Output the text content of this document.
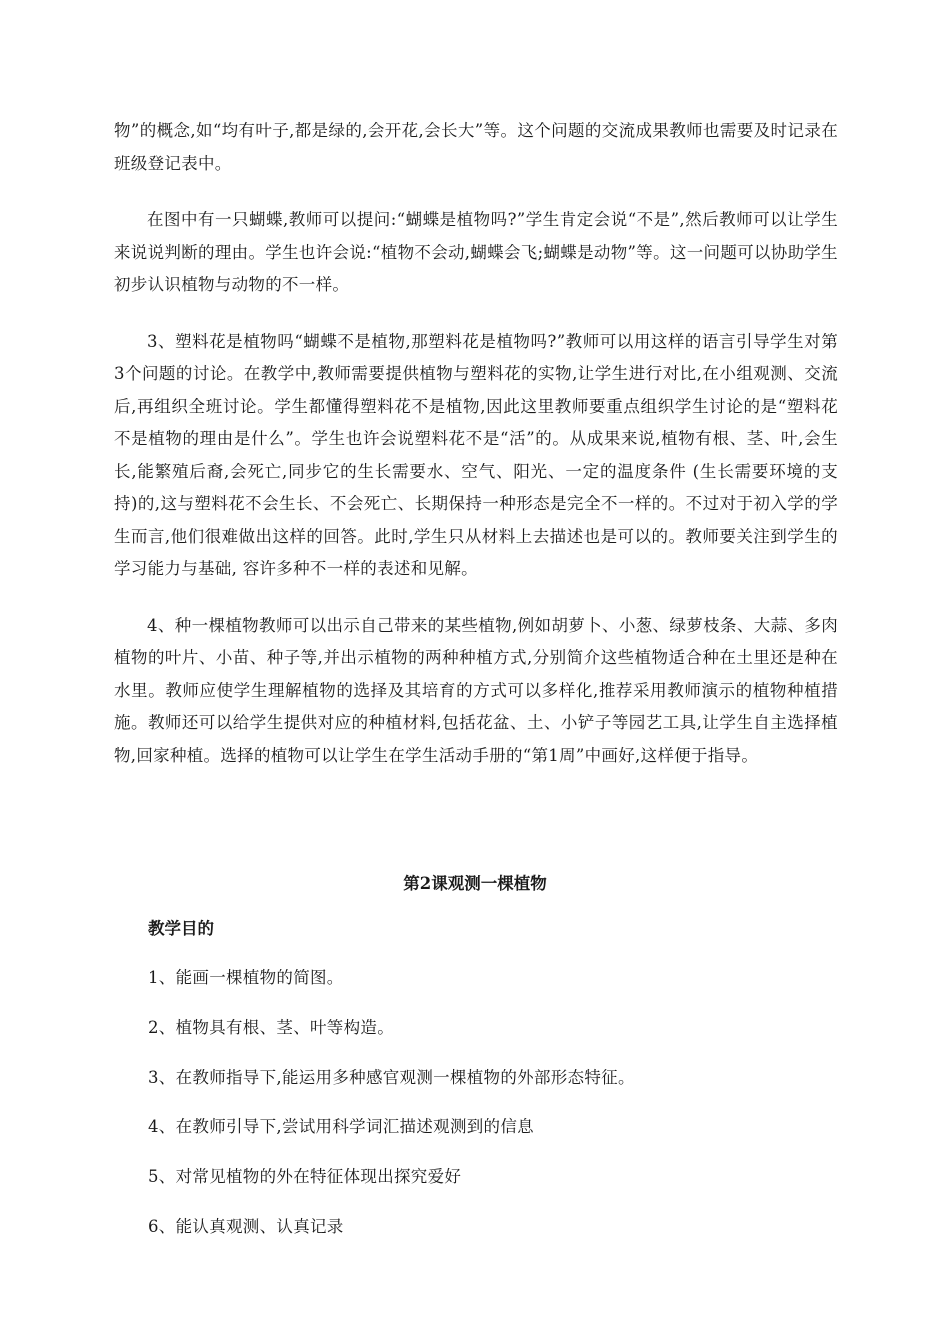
物”的概念,如“均有叶子,都是绿的,会开花,会长大”等。这个问题的交流成果教师也需要及时记录在班级登记表中。

在图中有一只蝴蝶,教师可以提问:“蝴蝶是植物吗?”学生肯定会说“不是”,然后教师可以让学生来说说判断的理由。学生也许会说:“植物不会动,蝴蝶会飞;蝴蝶是动物”等。这一问题可以协助学生初步认识植物与动物的不一样。

3、塑料花是植物吗“蝴蝶不是植物,那塑料花是植物吗?”教师可以用这样的语言引导学生对第3个问题的讨论。在教学中,教师需要提供植物与塑料花的实物,让学生进行对比,在小组观测、交流后,再组织全班讨论。学生都懂得塑料花不是植物,因此这里教师要重点组织学生讨论的是“塑料花不是植物的理由是什么”。学生也许会说塑料花不是“活”的。从成果来说,植物有根、茎、叶,会生长,能繁殖后裔,会死亡,同步它的生长需要水、空气、阳光、一定的温度条件 (生长需要环境的支持)的,这与塑料花不会生长、不会死亡、长期保持一种形态是完全不一样的。不过对于初入学的学生而言,他们很难做出这样的回答。此时,学生只从材料上去描述也是可以的。教师要关注到学生的学习能力与基础, 容许多种不一样的表述和见解。

4、种一棵植物教师可以出示自己带来的某些植物,例如胡萝卜、小葱、绿萝枝条、大蒜、多肉植物的叶片、小苗、种子等,并出示植物的两种种植方式,分别简介这些植物适合种在土里还是种在水里。教师应使学生理解植物的选择及其培育的方式可以多样化,推荐采用教师演示的植物种植措施。教师还可以给学生提供对应的种植材料,包括花盆、土、小铲子等园艺工具,让学生自主选择植物,回家种植。选择的植物可以让学生在学生活动手册的“第1周”中画好,这样便于指导。

第2课观测一棵植物
教学目的
1、能画一棵植物的简图。
2、植物具有根、茎、叶等构造。
3、在教师指导下,能运用多种感官观测一棵植物的外部形态特征。
4、在教师引导下,尝试用科学词汇描述观测到的信息
5、对常见植物的外在特征体现出探究爱好
6、能认真观测、认真记录
